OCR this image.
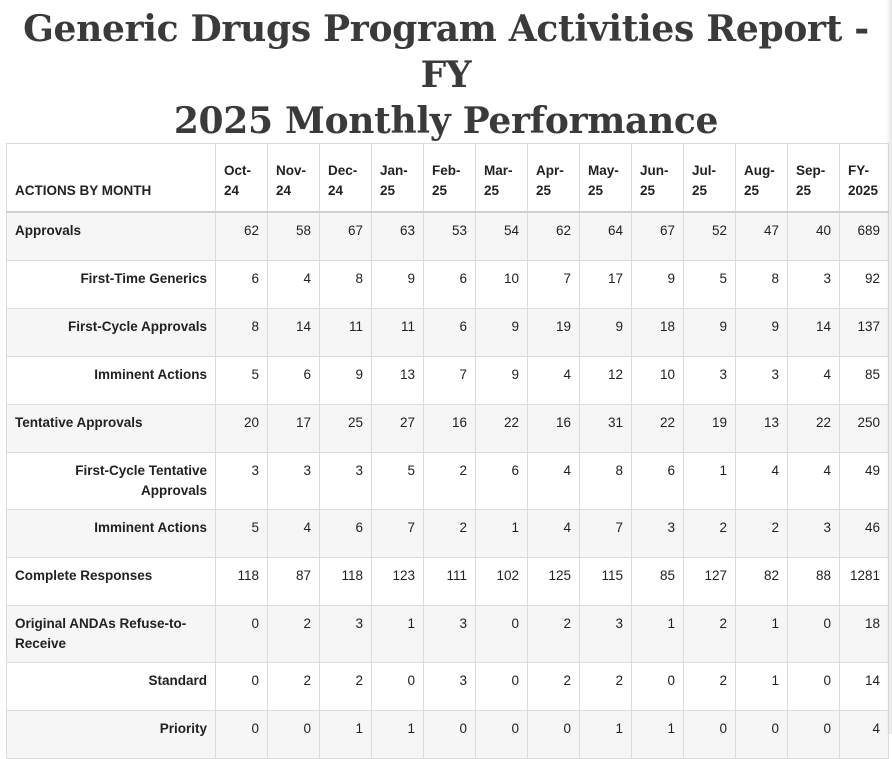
Generic Drugs Program Activities Report - FY
2025 Monthly Performance
ACTIONS BY MONTH	Oct-24	Nov-24	Dec-24	Jan-25	Feb-25	Mar-25	Apr-25	May-25	Jun-25	Jul-25	Aug-25	Sep-25	FY-2025
Approvals	62	58	67	63	53	54	62	64	67	52	47	40	689
First-Time Generics	6	4	8	9	6	10	7	17	9	5	8	3	92
First-Cycle Approvals	8	14	11	11	6	9	19	9	18	9	9	14	137
Imminent Actions	5	6	9	13	7	9	4	12	10	3	3	4	85
Tentative Approvals	20	17	25	27	16	22	16	31	22	19	13	22	250
First-Cycle Tentative Approvals	3	3	3	5	2	6	4	8	6	1	4	4	49
Imminent Actions	5	4	6	7	2	1	4	7	3	2	2	3	46
Complete Responses	118	87	118	123	111	102	125	115	85	127	82	88	1281
Original ANDAs Refuse-to-Receive	0	2	3	1	3	0	2	3	1	2	1	0	18
Standard	0	2	2	0	3	0	2	2	0	2	1	0	14
Priority	0	0	1	1	0	0	0	1	1	0	0	0	4
